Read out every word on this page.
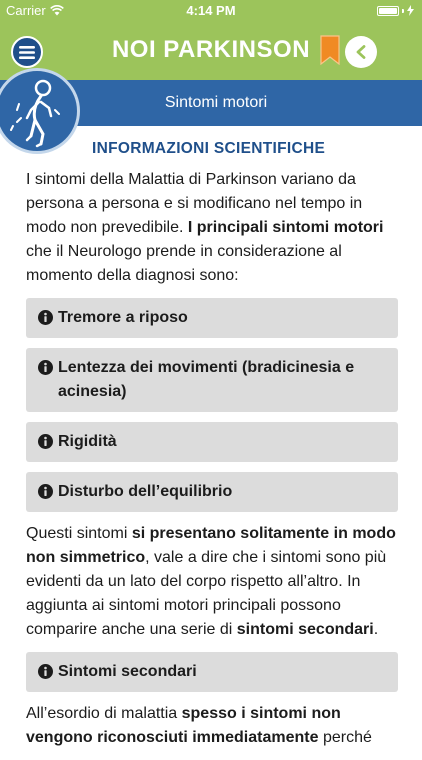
Carrier	4:14 PM
NOI PARKINSON
Sintomi motori
INFORMAZIONI SCIENTIFICHE

I sintomi della Malattia di Parkinson variano da persona a persona e si modificano nel tempo in modo non prevedibile. I principali sintomi motori che il Neurologo prende in considerazione al momento della diagnosi sono:

Tremore a riposo
Lentezza dei movimenti (bradicinesia e acinesia)
Rigidità
Disturbo dell’equilibrio

Questi sintomi si presentano solitamente in modo non simmetrico, vale a dire che i sintomi sono più evidenti da un lato del corpo rispetto all’altro. In aggiunta ai sintomi motori principali possono comparire anche una serie di sintomi secondari.

Sintomi secondari

All’esordio di malattia spesso i sintomi non vengono riconosciuti immediatamente perché
